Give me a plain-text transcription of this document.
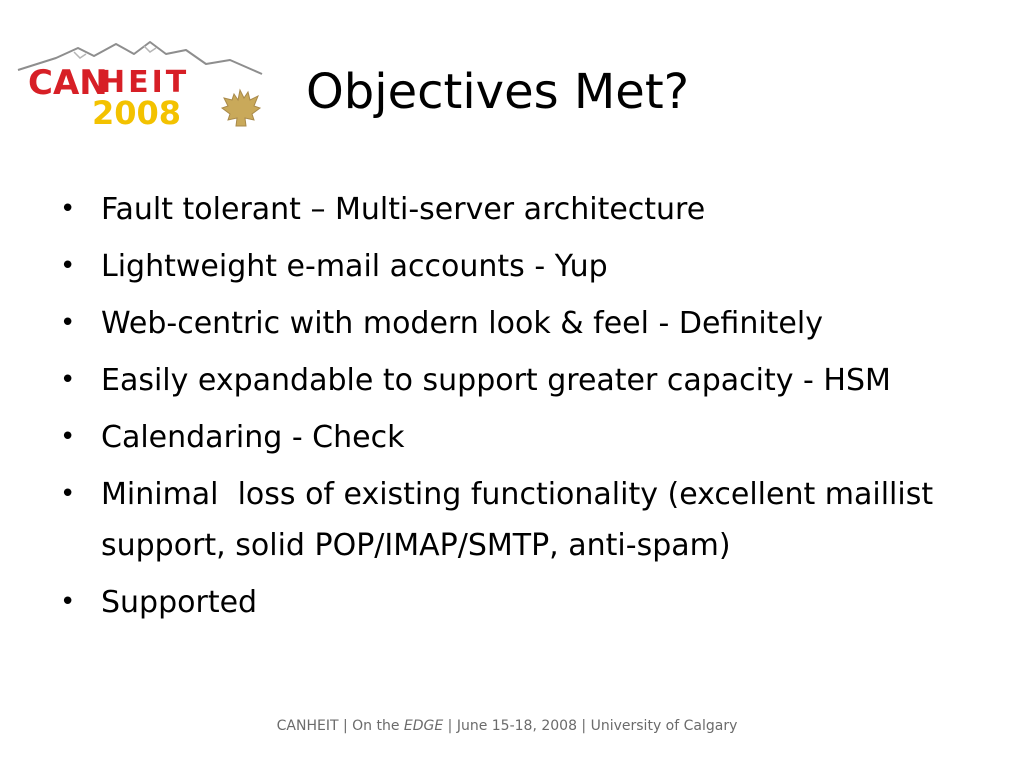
CAN
HEIT
2008	Objectives Met?
• Fault tolerant – Multi-server architecture
• Lightweight e-mail accounts - Yup
• Web-centric with modern look & feel - Definitely
• Easily expandable to support greater capacity - HSM
• Calendaring - Check
• Minimal  loss of existing functionality (excellent maillist support, solid POP/IMAP/SMTP, anti-spam)
• Supported
CANHEIT | On the EDGE | June 15-18, 2008 | University of Calgary
